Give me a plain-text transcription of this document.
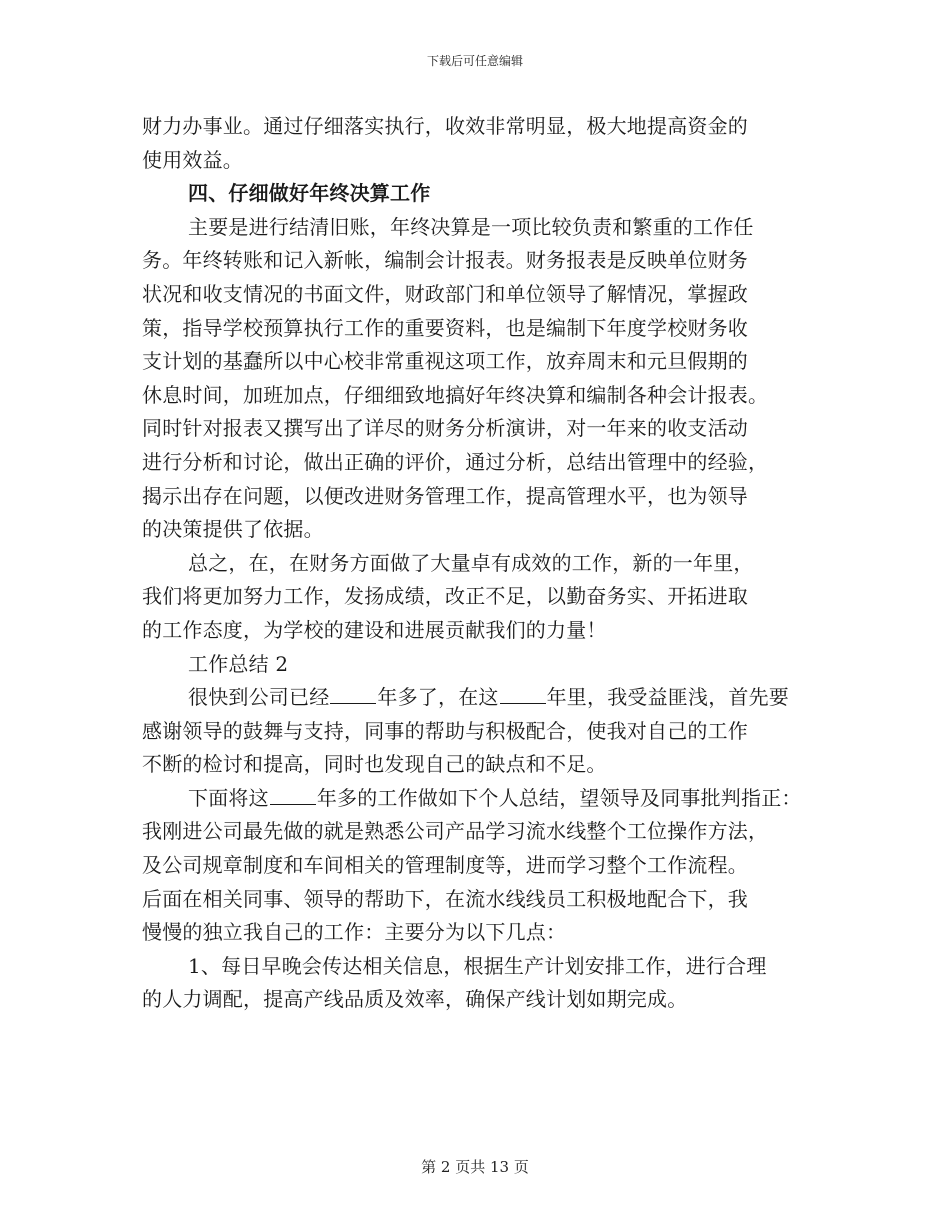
下载后可任意编辑
财力办事业。通过仔细落实执行，收效非常明显，极大地提高资金的
使用效益。
四、仔细做好年终决算工作
主要是进行结清旧账，年终决算是一项比较负责和繁重的工作任
务。年终转账和记入新帐，编制会计报表。财务报表是反映单位财务
状况和收支情况的书面文件，财政部门和单位领导了解情况，掌握政
策，指导学校预算执行工作的重要资料，也是编制下年度学校财务收
支计划的基蠢所以中心校非常重视这项工作，放弃周末和元旦假期的
休息时间，加班加点，仔细细致地搞好年终决算和编制各种会计报表。
同时针对报表又撰写出了详尽的财务分析演讲，对一年来的收支活动
进行分析和讨论，做出正确的评价，通过分析，总结出管理中的经验，
揭示出存在问题，以便改进财务管理工作，提高管理水平，也为领导
的决策提供了依据。
总之，在，在财务方面做了大量卓有成效的工作，新的一年里，
我们将更加努力工作，发扬成绩，改正不足，以勤奋务实、开拓进取
的工作态度，为学校的建设和进展贡献我们的力量！
工作总结 2
很快到公司已经 年多了，在这 年里，我受益匪浅，首先要
感谢领导的鼓舞与支持，同事的帮助与积极配合，使我对自己的工作
不断的检讨和提高，同时也发现自己的缺点和不足。
下面将这 年多的工作做如下个人总结，望领导及同事批判指正：
我刚进公司最先做的就是熟悉公司产品学习流水线整个工位操作方法，
及公司规章制度和车间相关的管理制度等，进而学习整个工作流程。
后面在相关同事、领导的帮助下，在流水线线员工积极地配合下，我
慢慢的独立我自己的工作：主要分为以下几点：
1、每日早晚会传达相关信息，根据生产计划安排工作，进行合理
的人力调配，提高产线品质及效率，确保产线计划如期完成。
第 2 页共 13 页
